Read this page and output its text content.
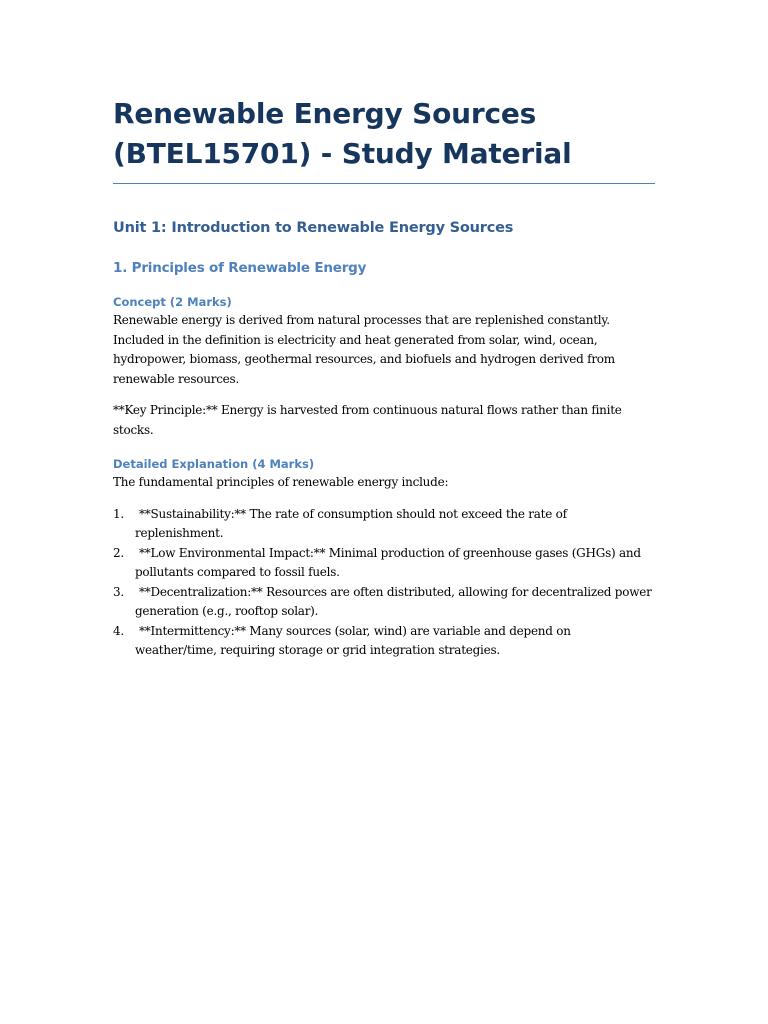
Renewable Energy Sources (BTEL15701) - Study Material
Unit 1: Introduction to Renewable Energy Sources
1. Principles of Renewable Energy
Concept (2 Marks)

Renewable energy is derived from natural processes that are replenished constantly. Included in the definition is electricity and heat generated from solar, wind, ocean, hydropower, biomass, geothermal resources, and biofuels and hydrogen derived from renewable resources.

**Key Principle:** Energy is harvested from continuous natural flows rather than finite stocks.

Detailed Explanation (4 Marks)

The fundamental principles of renewable energy include:

1.	**Sustainability:** The rate of consumption should not exceed the rate of replenishment.
2.	**Low Environmental Impact:** Minimal production of greenhouse gases (GHGs) and pollutants compared to fossil fuels.
3.	**Decentralization:** Resources are often distributed, allowing for decentralized power generation (e.g., rooftop solar).
4.	**Intermittency:** Many sources (solar, wind) are variable and depend on weather/time, requiring storage or grid integration strategies.
